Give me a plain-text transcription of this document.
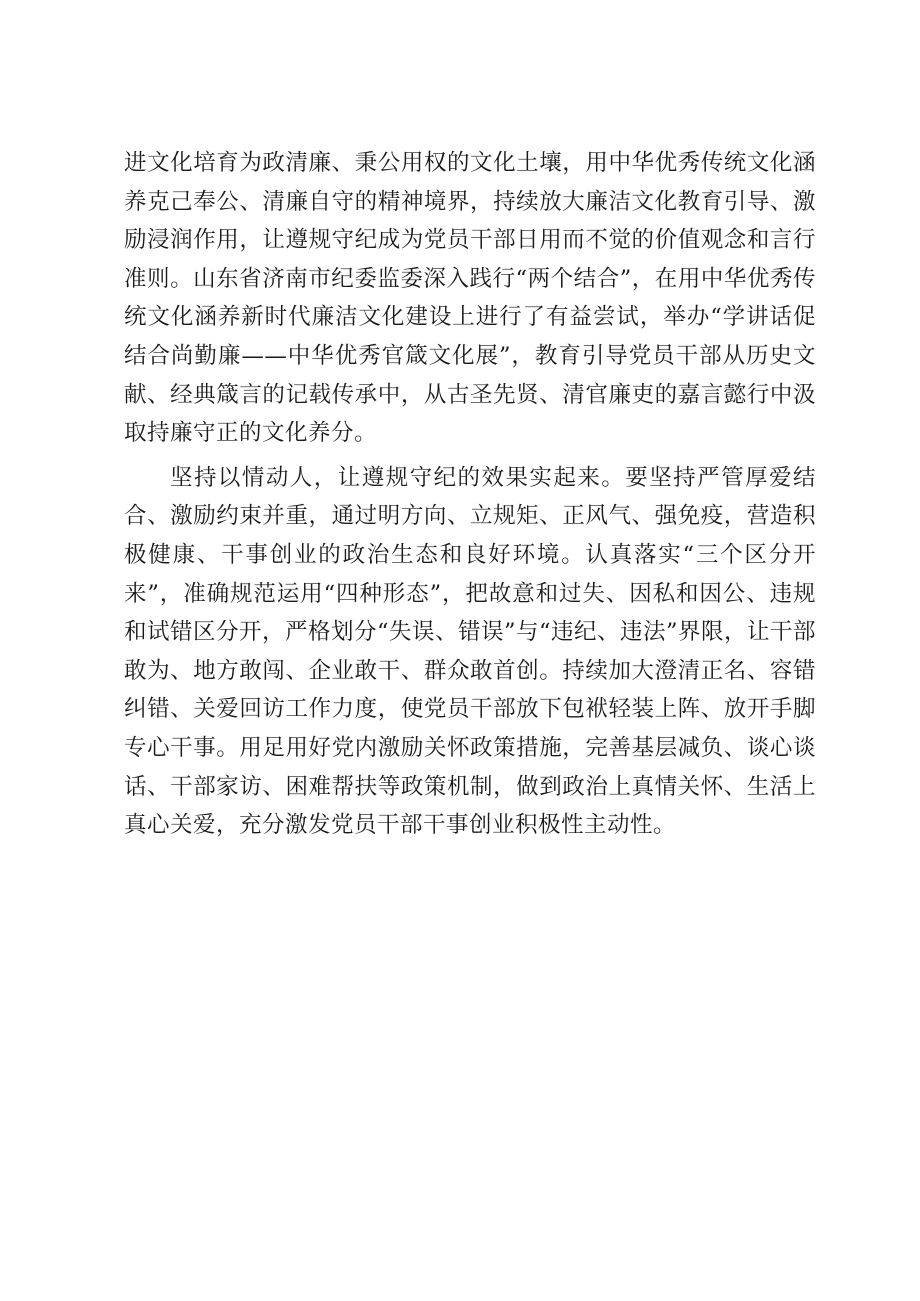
进文化培育为政清廉、秉公用权的文化土壤，用中华优秀传统文化涵养克己奉公、清廉自守的精神境界，持续放大廉洁文化教育引导、激励浸润作用，让遵规守纪成为党员干部日用而不觉的价值观念和言行准则。山东省济南市纪委监委深入践行“两个结合”，在用中华优秀传统文化涵养新时代廉洁文化建设上进行了有益尝试，举办“学讲话促结合尚勤廉——中华优秀官箴文化展”，教育引导党员干部从历史文献、经典箴言的记载传承中，从古圣先贤、清官廉吏的嘉言懿行中汲取持廉守正的文化养分。

坚持以情动人，让遵规守纪的效果实起来。要坚持严管厚爱结合、激励约束并重，通过明方向、立规矩、正风气、强免疫，营造积极健康、干事创业的政治生态和良好环境。认真落实“三个区分开来”，准确规范运用“四种形态”，把故意和过失、因私和因公、违规和试错区分开，严格划分“失误、错误”与“违纪、违法”界限，让干部敢为、地方敢闯、企业敢干、群众敢首创。持续加大澄清正名、容错纠错、关爱回访工作力度，使党员干部放下包袱轻装上阵、放开手脚专心干事。用足用好党内激励关怀政策措施，完善基层减负、谈心谈话、干部家访、困难帮扶等政策机制，做到政治上真情关怀、生活上真心关爱，充分激发党员干部干事创业积极性主动性。
